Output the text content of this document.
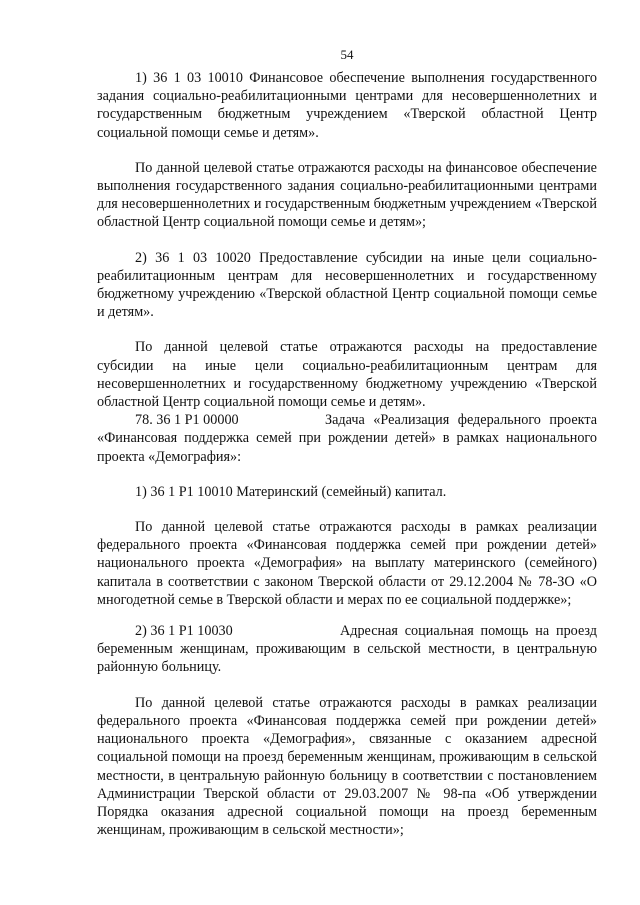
54

1) 36 1 03 10010 Финансовое обеспечение выполнения государственного задания социально-реабилитационными центрами для несовершеннолетних и государственным бюджетным учреждением «Тверской областной Центр социальной помощи семье и детям».

По данной целевой статье отражаются расходы на финансовое обеспечение выполнения государственного задания социально-реабилитационными центрами для несовершеннолетних и государственным бюджетным учреждением «Тверской областной Центр социальной помощи семье и детям»;

2) 36 1 03 10020 Предоставление субсидии на иные цели социально-реабилитационным центрам для несовершеннолетних и государственному бюджетному учреждению «Тверской областной Центр социальной помощи семье и детям».

По данной целевой статье отражаются расходы на предоставление субсидии на иные цели социально-реабилитационным центрам для несовершеннолетних и государственному бюджетному учреждению «Тверской областной Центр социальной помощи семье и детям».

78. 36 1 P1 00000	Задача «Реализация федерального проекта «Финансовая поддержка семей при рождении детей» в рамках национального проекта «Демография»:

1) 36 1 P1 10010 Материнский (семейный) капитал.

По данной целевой статье отражаются расходы в рамках реализации федерального проекта «Финансовая поддержка семей при рождении детей» национального проекта «Демография» на выплату материнского (семейного) капитала в соответствии с законом Тверской области от 29.12.2004 № 78-ЗО «О многодетной семье в Тверской области и мерах по ее социальной поддержке»;

2) 36 1 P1 10030	Адресная социальная помощь на проезд беременным женщинам, проживающим в сельской местности, в центральную районную больницу.

По данной целевой статье отражаются расходы в рамках реализации федерального проекта «Финансовая поддержка семей при рождении детей» национального проекта «Демография», связанные с оказанием адресной социальной помощи на проезд беременным женщинам, проживающим в сельской местности, в центральную районную больницу в соответствии с постановлением Администрации Тверской области от 29.03.2007 № 98-па «Об утверждении Порядка оказания адресной социальной помощи на проезд беременным женщинам, проживающим в сельской местности»;
